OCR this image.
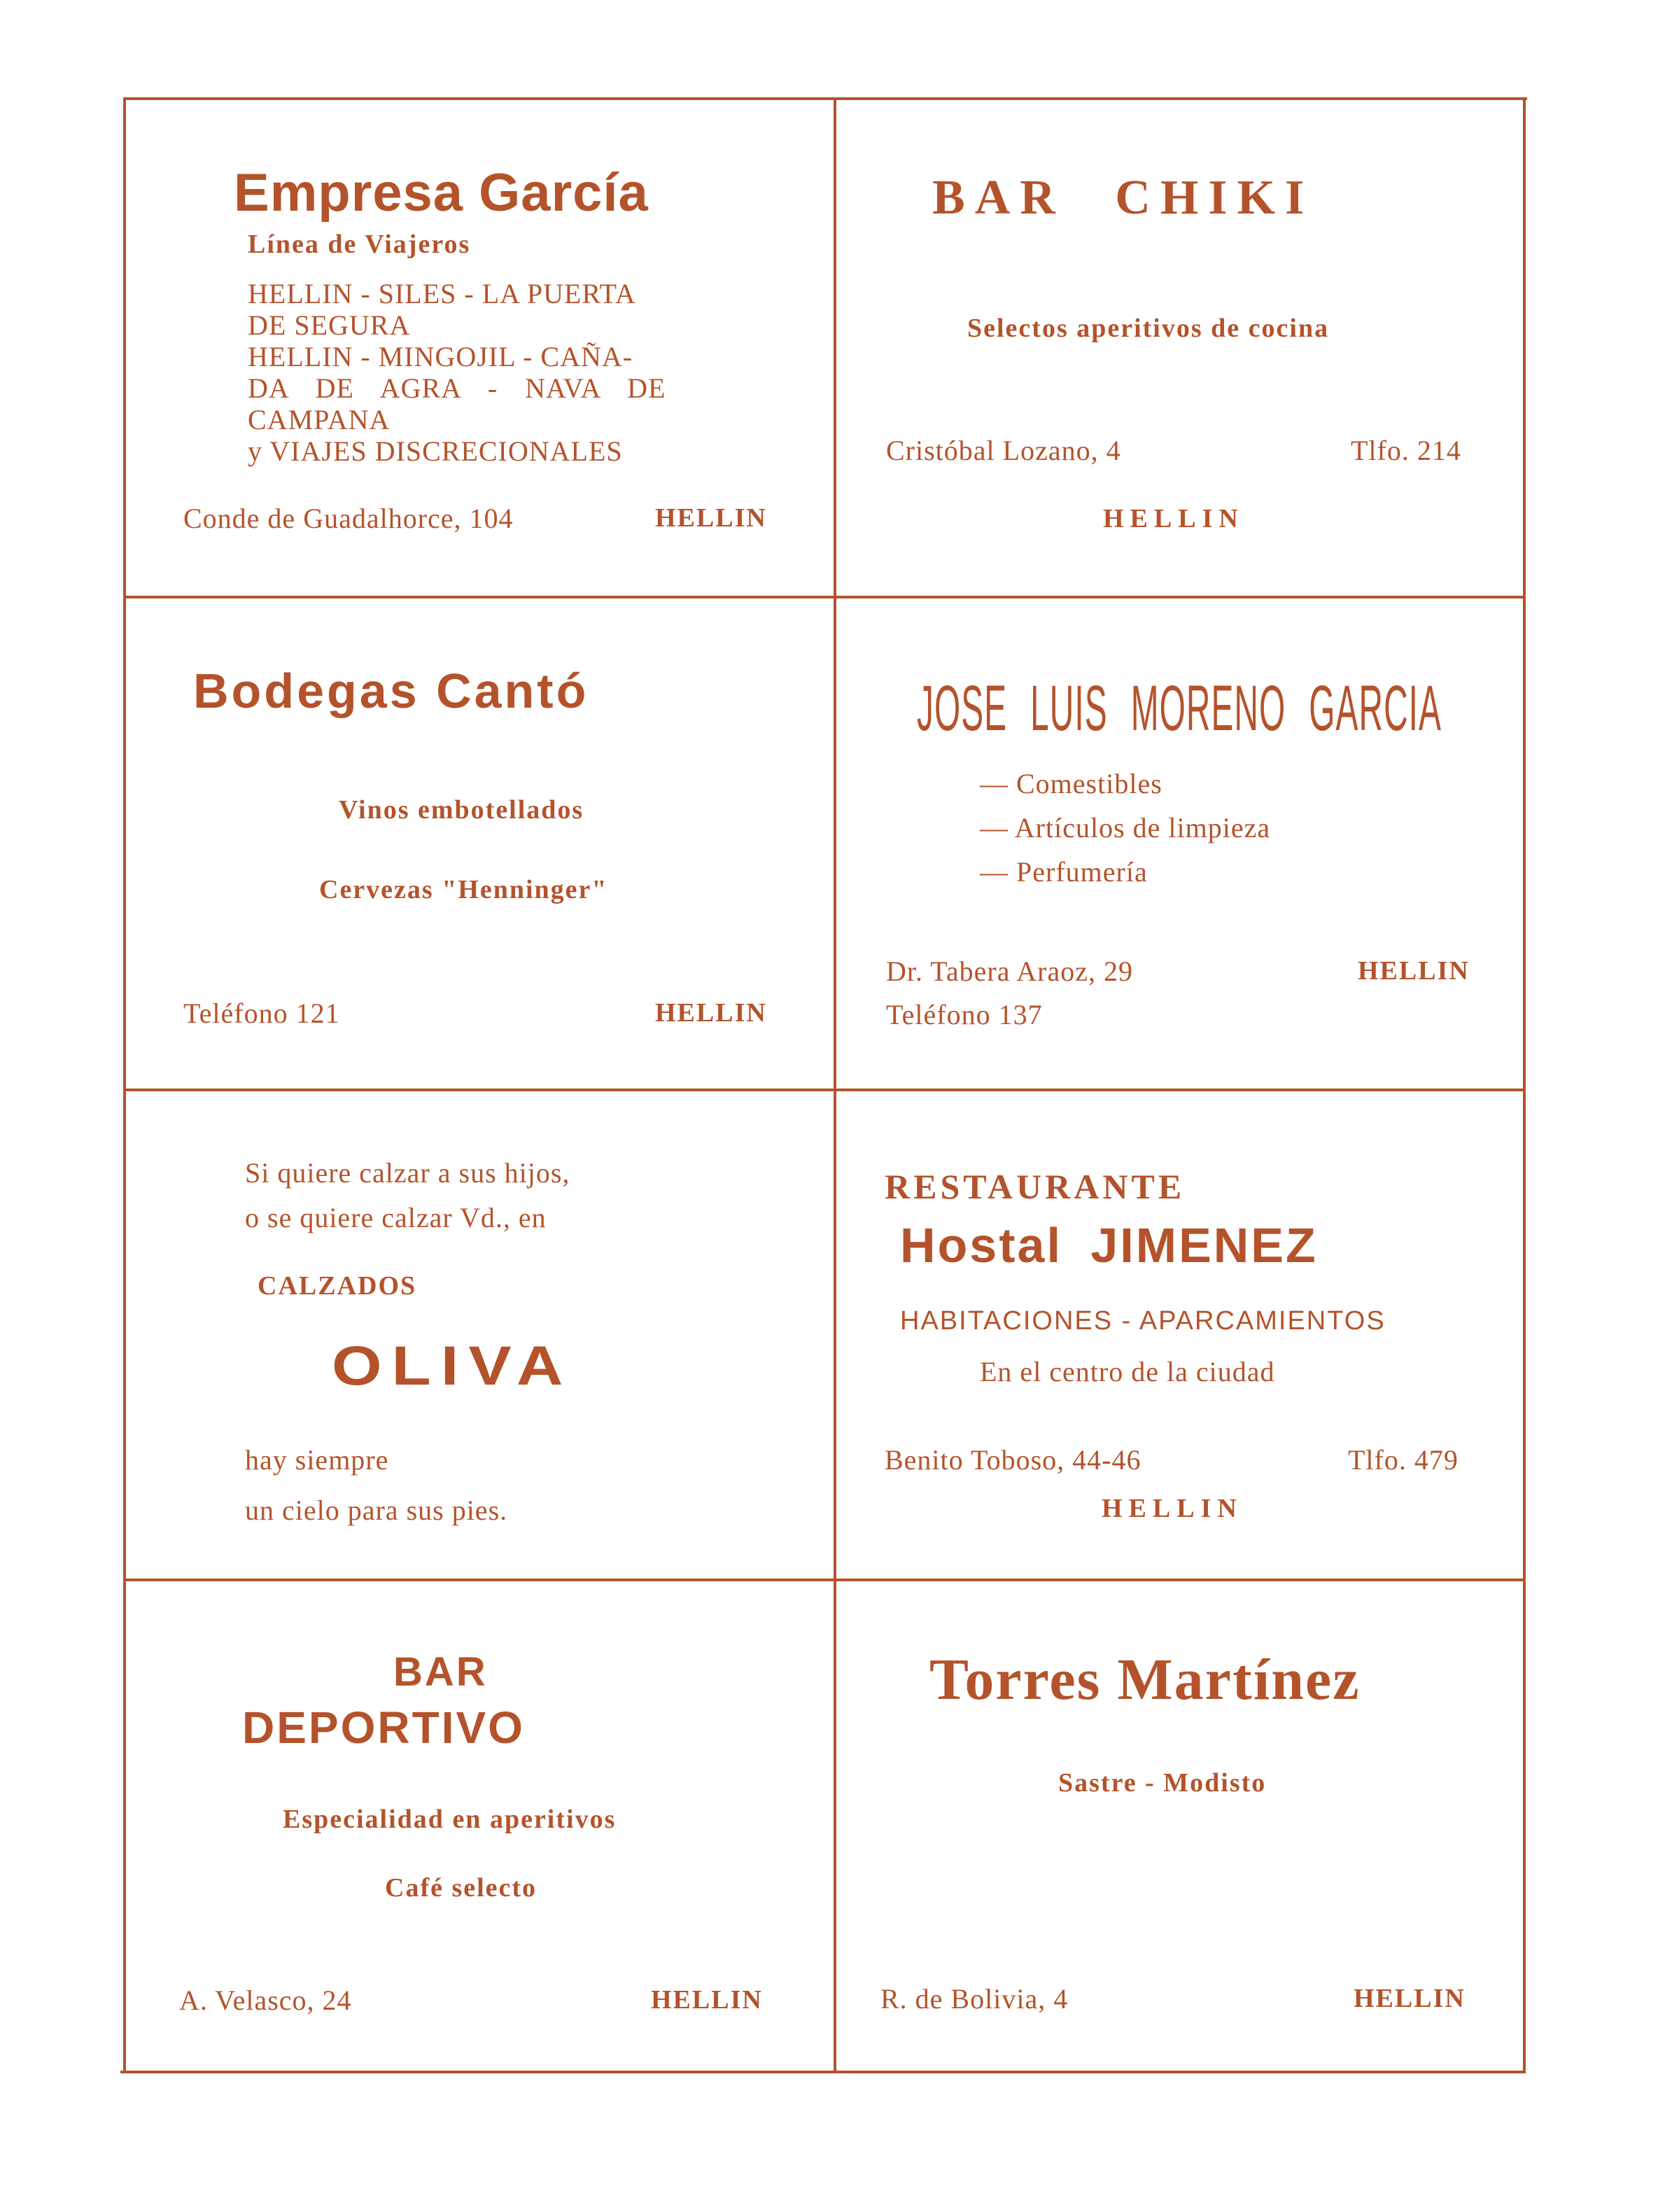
Empresa García
Línea de Viajeros
HELLIN - SILES - LA PUERTA
DE SEGURA
HELLIN - MINGOJIL - CAÑA-
DA DE AGRA - NAVA DE
CAMPANA
y VIAJES DISCRECIONALES
Conde de Guadalhorce, 104	HELLIN
BAR CHIKI
Selectos aperitivos de cocina
Cristóbal Lozano, 4	Tlfo. 214
HELLIN
Bodegas Cantó
Vinos embotellados
Cervezas "Henninger"
Teléfono 121	HELLIN
JOSE LUIS MORENO GARCIA
— Comestibles
— Artículos de limpieza
— Perfumería
Dr. Tabera Araoz, 29	HELLIN
Teléfono 137
Si quiere calzar a sus hijos,
o se quiere calzar Vd., en
CALZADOS
OLIVA
hay siempre
un cielo para sus pies.
RESTAURANTE
Hostal JIMENEZ
HABITACIONES - APARCAMIENTOS
En el centro de la ciudad
Benito Toboso, 44-46	Tlfo. 479
HELLIN
BAR
DEPORTIVO
Especialidad en aperitivos
Café selecto
A. Velasco, 24	HELLIN
Torres Martínez
Sastre - Modisto
R. de Bolivia, 4	HELLIN
